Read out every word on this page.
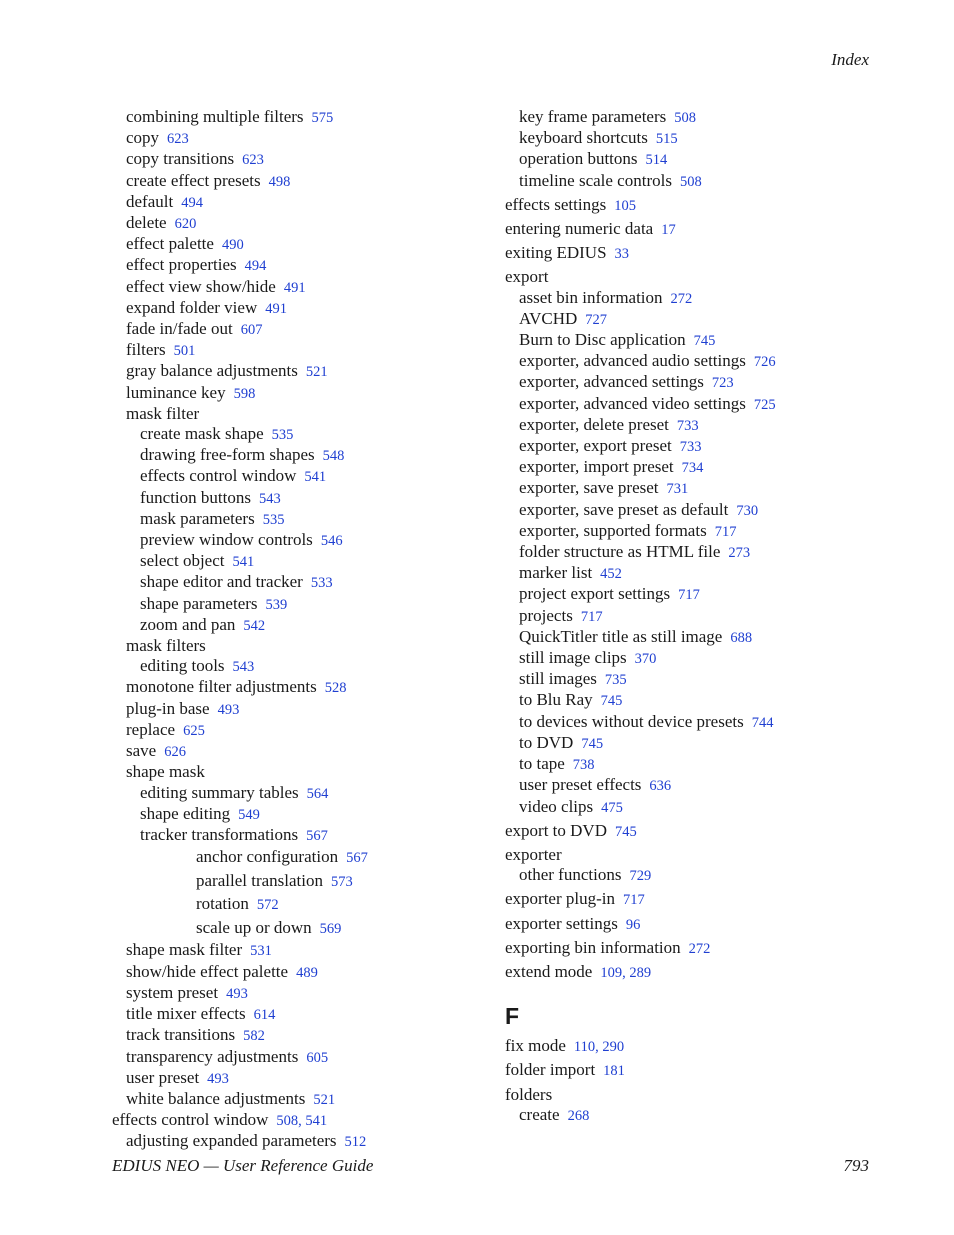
Index
combining multiple filters 575
copy 623
copy transitions 623
create effect presets 498
default 494
delete 620
effect palette 490
effect properties 494
effect view show/hide 491
expand folder view 491
fade in/fade out 607
filters 501
gray balance adjustments 521
luminance key 598
mask filter
create mask shape 535
drawing free-form shapes 548
effects control window 541
function buttons 543
mask parameters 535
preview window controls 546
select object 541
shape editor and tracker 533
shape parameters 539
zoom and pan 542
mask filters
editing tools 543
monotone filter adjustments 528
plug-in base 493
replace 625
save 626
shape mask
editing summary tables 564
shape editing 549
tracker transformations 567
anchor configuration 567
parallel translation 573
rotation 572
scale up or down 569
shape mask filter 531
show/hide effect palette 489
system preset 493
title mixer effects 614
track transitions 582
transparency adjustments 605
user preset 493
white balance adjustments 521
effects control window 508, 541
adjusting expanded parameters 512
key frame parameters 508
keyboard shortcuts 515
operation buttons 514
timeline scale controls 508
effects settings 105
entering numeric data 17
exiting EDIUS 33
export
asset bin information 272
AVCHD 727
Burn to Disc application 745
exporter, advanced audio settings 726
exporter, advanced settings 723
exporter, advanced video settings 725
exporter, delete preset 733
exporter, export preset 733
exporter, import preset 734
exporter, save preset 731
exporter, save preset as default 730
exporter, supported formats 717
folder structure as HTML file 273
marker list 452
project export settings 717
projects 717
QuickTitler title as still image 688
still image clips 370
still images 735
to Blu Ray 745
to devices without device presets 744
to DVD 745
to tape 738
user preset effects 636
video clips 475
export to DVD 745
exporter
other functions 729
exporter plug-in 717
exporter settings 96
exporting bin information 272
extend mode 109, 289
F
fix mode 110, 290
folder import 181
folders
create 268
EDIUS NEO — User Reference Guide	793
